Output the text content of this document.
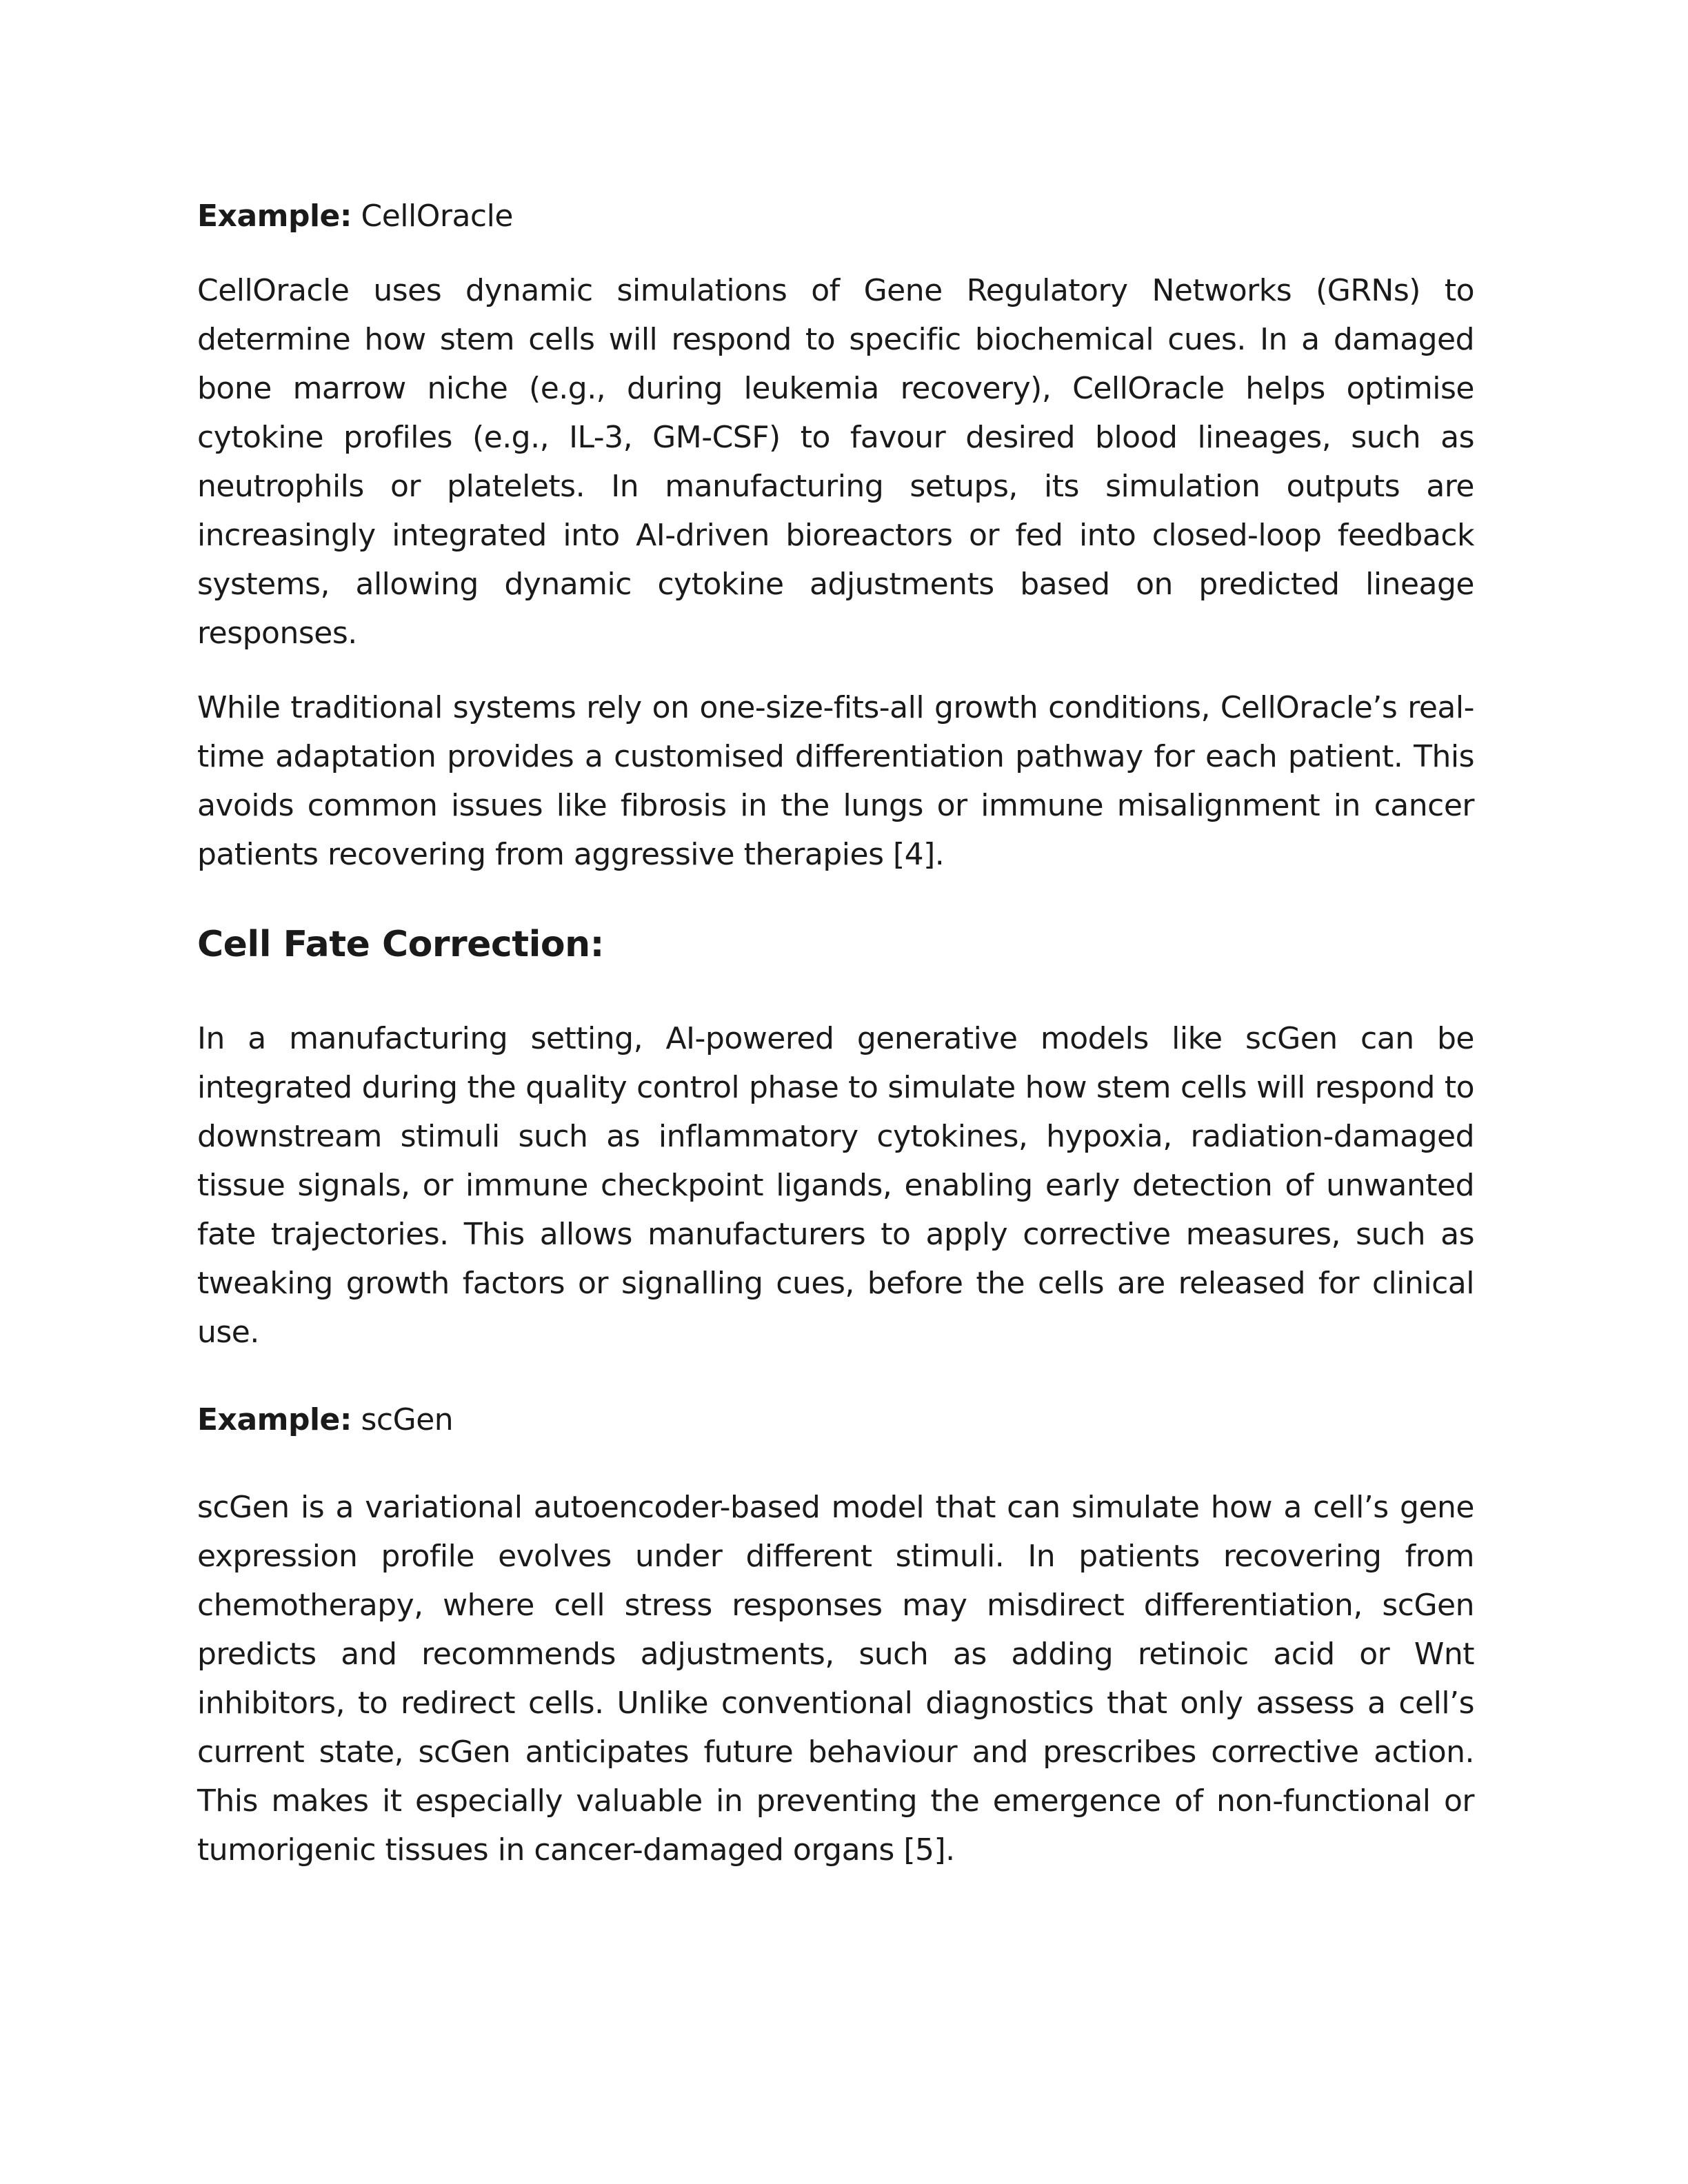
Example: CellOracle

CellOracle uses dynamic simulations of Gene Regulatory Networks (GRNs) to determine how stem cells will respond to specific biochemical cues. In a damaged bone marrow niche (e.g., during leukemia recovery), CellOracle helps optimise cytokine profiles (e.g., IL-3, GM-CSF) to favour desired blood lineages, such as neutrophils or platelets. In manufacturing setups, its simulation outputs are increasingly integrated into AI-driven bioreactors or fed into closed-loop feedback systems, allowing dynamic cytokine adjustments based on predicted lineage responses.

While traditional systems rely on one-size-fits-all growth conditions, CellOracle’s real-time adaptation provides a customised differentiation pathway for each patient. This avoids common issues like fibrosis in the lungs or immune misalignment in cancer patients recovering from aggressive therapies [4].

Cell Fate Correction:

In a manufacturing setting, AI-powered generative models like scGen can be integrated during the quality control phase to simulate how stem cells will respond to downstream stimuli such as inflammatory cytokines, hypoxia, radiation-damaged tissue signals, or immune checkpoint ligands, enabling early detection of unwanted fate trajectories. This allows manufacturers to apply corrective measures, such as tweaking growth factors or signalling cues, before the cells are released for clinical use.

Example: scGen

scGen is a variational autoencoder-based model that can simulate how a cell’s gene expression profile evolves under different stimuli. In patients recovering from chemotherapy, where cell stress responses may misdirect differentiation, scGen predicts and recommends adjustments, such as adding retinoic acid or Wnt inhibitors, to redirect cells. Unlike conventional diagnostics that only assess a cell’s current state, scGen anticipates future behaviour and prescribes corrective action. This makes it especially valuable in preventing the emergence of non-functional or tumorigenic tissues in cancer-damaged organs [5].
